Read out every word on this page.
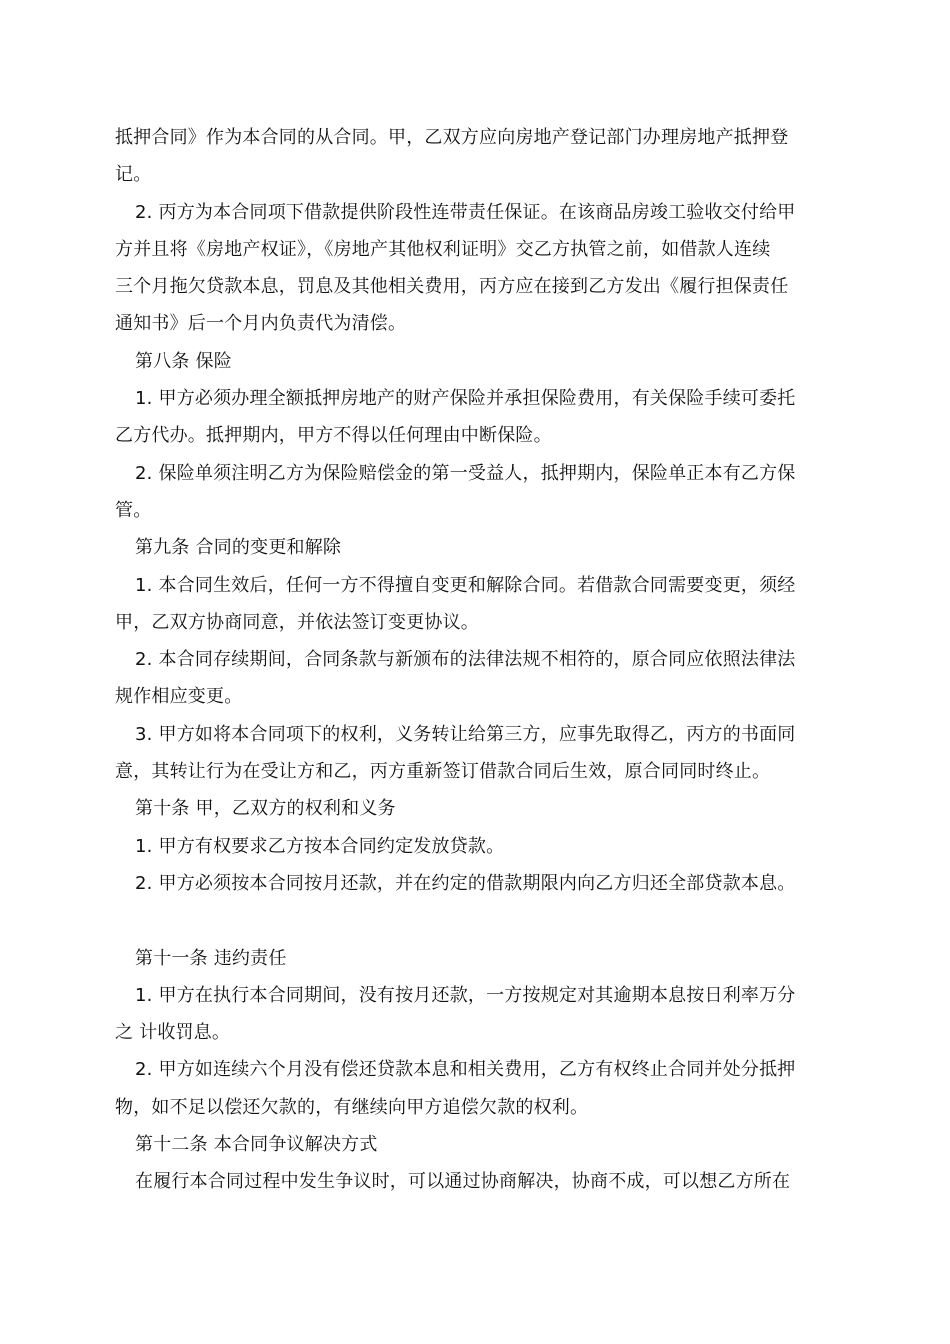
抵押合同》作为本合同的从合同。甲，乙双方应向房地产登记部门办理房地产抵押登
记。
2. 丙方为本合同项下借款提供阶段性连带责任保证。在该商品房竣工验收交付给甲
方并且将《房地产权证》，《房地产其他权利证明》交乙方执管之前，如借款人连续
三个月拖欠贷款本息，罚息及其他相关费用，丙方应在接到乙方发出《履行担保责任
通知书》后一个月内负责代为清偿。
第八条 保险
1. 甲方必须办理全额抵押房地产的财产保险并承担保险费用，有关保险手续可委托
乙方代办。抵押期内，甲方不得以任何理由中断保险。
2. 保险单须注明乙方为保险赔偿金的第一受益人，抵押期内，保险单正本有乙方保
管。
第九条 合同的变更和解除
1. 本合同生效后，任何一方不得擅自变更和解除合同。若借款合同需要变更，须经
甲，乙双方协商同意，并依法签订变更协议。
2. 本合同存续期间，合同条款与新颁布的法律法规不相符的，原合同应依照法律法
规作相应变更。
3. 甲方如将本合同项下的权利，义务转让给第三方，应事先取得乙，丙方的书面同
意，其转让行为在受让方和乙，丙方重新签订借款合同后生效，原合同同时终止。
第十条 甲，乙双方的权利和义务
1. 甲方有权要求乙方按本合同约定发放贷款。
2. 甲方必须按本合同按月还款，并在约定的借款期限内向乙方归还全部贷款本息。
第十一条 违约责任
1. 甲方在执行本合同期间，没有按月还款，一方按规定对其逾期本息按日利率万分
之 计收罚息。
2. 甲方如连续六个月没有偿还贷款本息和相关费用，乙方有权终止合同并处分抵押
物，如不足以偿还欠款的，有继续向甲方追偿欠款的权利。
第十二条 本合同争议解决方式
在履行本合同过程中发生争议时，可以通过协商解决，协商不成，可以想乙方所在
